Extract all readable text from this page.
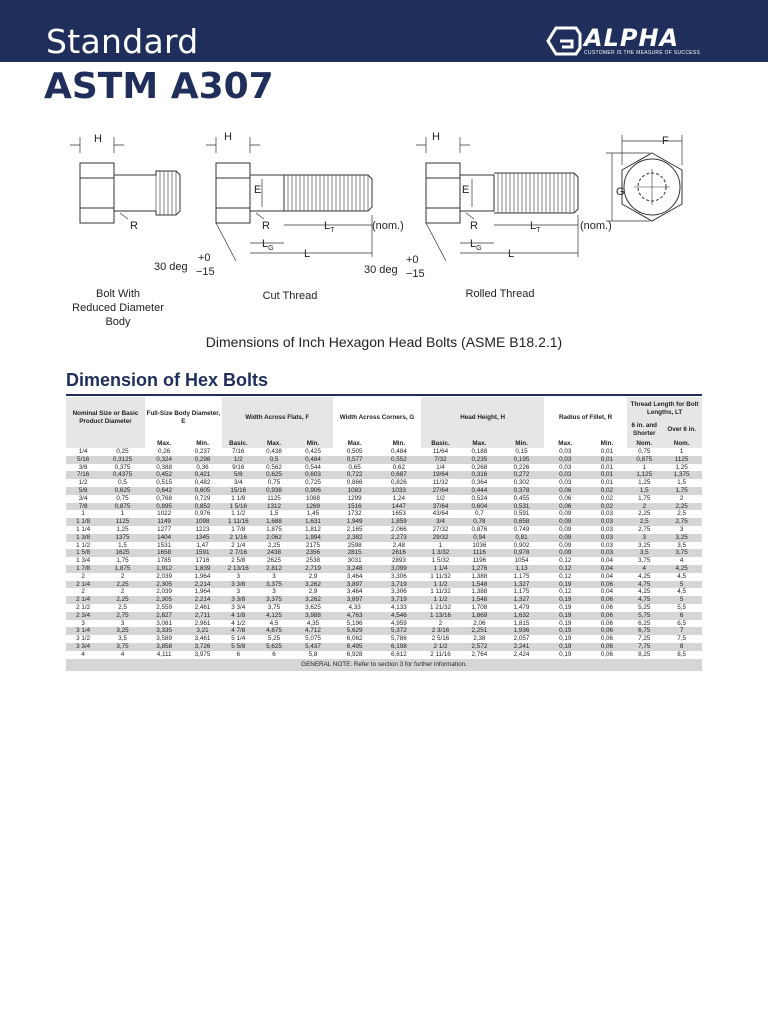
Standard	ALPHA
CUSTOMER IS THE MEASURE OF SUCCESS
ASTM A307
H
R
H
E
R	$L_T$	(nom.)
$L_G$	L
30 deg
+0
−15
H
E
R	$L_T$	(nom.)
$L_G$ L
30 deg
+0
−15
F
G
Bolt With
Reduced Diameter
Body
Cut Thread	Rolled Thread
Dimensions of Inch Hexagon Head Bolts (ASME B18.2.1)
Dimension of Hex Bolts
Nominal Size or Basic Product Diameter		Full-Size Body Diameter, E		Width Across Flats, F			Width Across Corners, G		Head Height, H			Radius of Fillet, R		Thread Length for Bolt Lengths, LT	
														6 in. and Shorter	Over 6 in.
		Max.	Min.	Basic.	Max.	Min.	Max.	Min.	Basic.	Max.	Min.	Max.	Min.	Nom.	Nom.
1/4	0,25	0,26	0,237	7/16	0,438	0,425	0,505	0,484	11/64	0,188	0,15	0,03	0,01	0,75	1
5/16	0,3125	0,324	0,298	1/2	0,5	0,484	0,577	0,552	7/32	0,235	0,195	0,03	0,01	0,875	1125
3/8	0,375	0,388	0,36	9/16	0,562	0,544	0,65	0,62	1/4	0,268	0,226	0,03	0,01	1	1,25
7/16	0,4375	0,452	0,421	5/8	0,625	0,603	0,722	0,687	19/64	0,316	0,272	0,03	0,01	1,125	1,375
1/2	0,5	0,515	0,482	3/4	0,75	0,725	0,866	0,826	11/32	0,364	0,302	0,03	0,01	1,25	1,5
5/8	0,625	0,642	0,605	15/16	0,938	0,906	1083	1033	27/64	0,444	0,378	0,06	0,02	1,5	1,75
3/4	0,75	0,768	0,729	1 1/8	1125	1088	1299	1,24	1/2	0,524	0,455	0,06	0,02	1,75	2
7/8	0,875	0,895	0,852	1 5/16	1312	1269	1516	1447	37/64	0,604	0,531	0,06	0,02	2	2,25
1	1	1022	0,976	1 1/2	1,5	1,45	1732	1653	43/64	0,7	0,591	0,09	0,03	2,25	2,5
1 1/8	1125	1149	1098	1 11/16	1,688	1,631	1,949	1,859	3/4	0,78	0,658	0,09	0,03	2,5	2,75
1 1/4	1,25	1277	1223	1 7/8	1,875	1,812	2,165	2,066	27/32	0,876	0,749	0,09	0,03	2,75	3
1 3/8	1375	1404	1345	2 1/16	2,062	1,994	2,382	2,273	29/32	0,94	0,81	0,09	0,03	3	3,25
1 1/2	1,5	1531	1,47	2 1/4	2,25	2175	2598	2,48	1	1036	0,902	0,09	0,03	3,25	3,5
1 5/8	1625	1658	1591	2 7/16	2438	2356	2815	2616	1 3/32	1116	0,978	0,09	0,03	3,5	3,75
1 3/4	1,75	1785	1716	2 5/8	2625	2538	3031	2893	1 5/32	1196	1054	0,12	0,04	3,75	4
1 7/8	1,875	1,912	1,839	2 13/16	2,812	2,719	3,248	3,099	1 1/4	1,276	1,13	0,12	0,04	4	4,25
2	2	2,039	1,964	3	3	2,9	3,464	3,306	1 11/32	1,388	1,175	0,12	0,04	4,25	4,5
2 1/4	2,25	2,305	2,214	3 3/8	3,375	3,262	3,897	3,719	1 1/2	1,548	1,327	0,19	0,06	4,75	5
2	2	2,039	1,964	3	3	2,9	3,464	3,306	1 11/32	1,388	1,175	0,12	0,04	4,25	4,5
2 1/4	2,25	2,305	2,214	3 3/8	3,375	3,262	3,897	3,719	1 1/2	1,548	1,327	0,19	0,06	4,75	5
2 1/2	2,5	2,559	2,461	3 3/4	3,75	3,625	4,33	4,133	1 21/32	1,708	1,479	0,19	0,06	5,25	5,5
2 3/4	2,75	2,827	2,711	4 1/8	4,125	3,988	4,763	4,546	1 13/16	1,869	1,632	0,19	0,06	5,75	6
3	3	3,081	2,961	4 1/2	4,5	4,35	5,196	4,959	2	2,06	1,815	0,19	0,06	6,25	6,5
3 1/4	3,25	3,335	3,21	4 7/8	4,875	4,712	5,629	5,372	2 3/16	2,251	1,936	0,19	0,06	6,75	7
3 1/2	3,5	3,589	3,461	5 1/4	5,25	5,075	6,062	5,786	2 5/16	2,38	2,057	0,19	0,06	7,25	7,5
3 3/4	3,75	3,858	3,726	5 5/8	5,625	5,437	6,495	6,198	2 1/2	2,572	2,241	0,19	0,06	7,75	8
4	4	4,111	3,975	6	6	5,8	6,928	6,612	2 11/16	2,764	2,424	0,19	0,06	8,25	8,5
GENERAL NOTE: Refer to section 3 for further information.															
